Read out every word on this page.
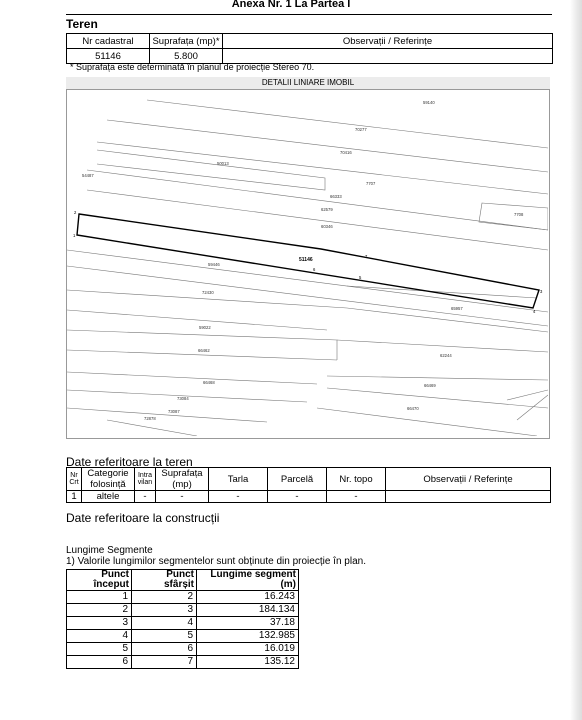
Anexa Nr. 1 La Partea I
Teren
Nr cadastral	Suprafața (mp)*	Observații / Referințe
51146	5.800	
* Suprafața este determinată în planul de proiecție Stereo 70.
DETALII LINIARE IMOBIL
59140
70277
70416
50013
7707
54487
66333
62579
7708
60346
59446
72430
65957
59022
66462
62244
66468
66469
73084
73087
72878
66470
51146
1
2
3
4
5
6
7
Date referitoare la teren
Nr Crt	Categorie folosință	Intra vilan	Suprafața (mp)	Tarla	Parcelă	Nr. topo	Observații / Referințe
1	altele	-	-	-	-	-	
Date referitoare la construcții
Lungime Segmente
1) Valorile lungimilor segmentelor sunt obținute din proiecție în plan.
Punct început	Punct sfârșit	Lungime segment (m)
1	2	16.243
2	3	184.134
3	4	37.18
4	5	132.985
5	6	16.019
6	7	135.12
